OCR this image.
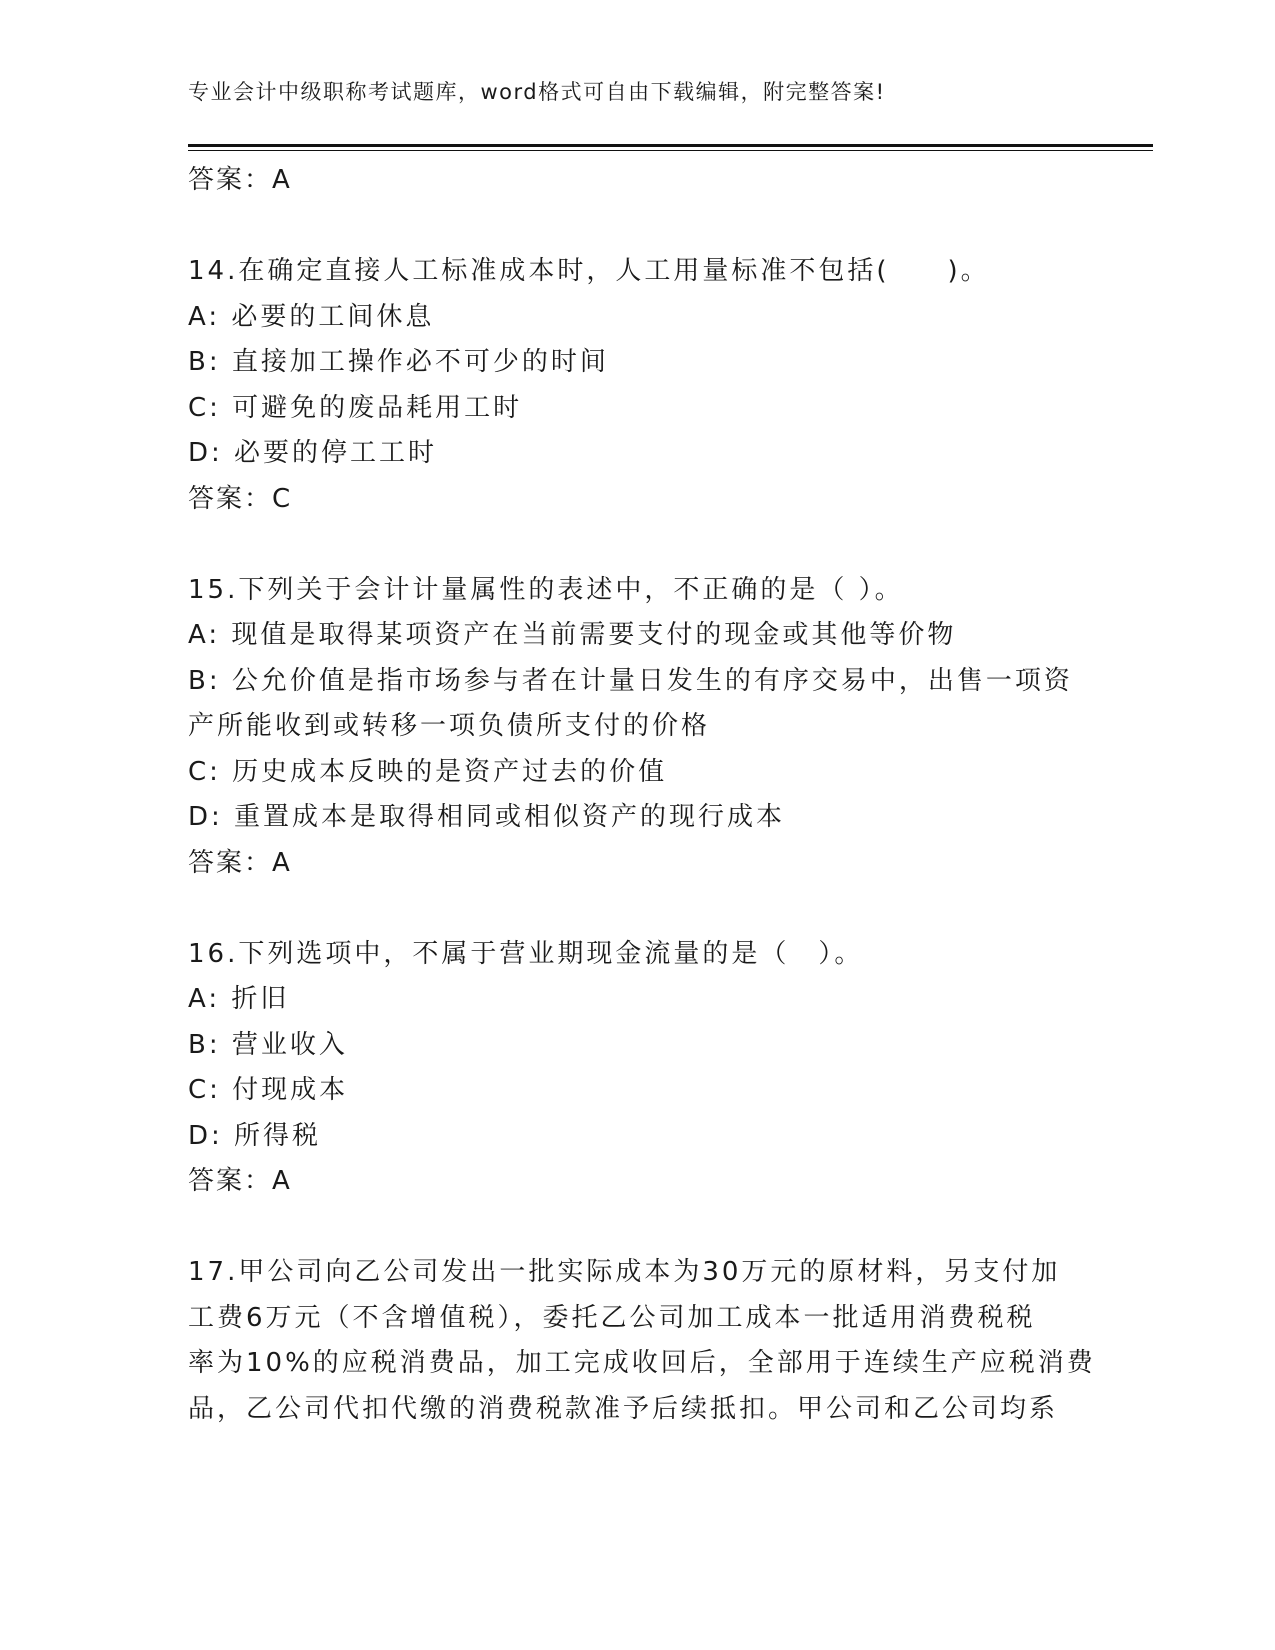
专业会计中级职称考试题库，word格式可自由下载编辑，附完整答案!
答案：A
14.在确定直接人工标准成本时，人工用量标准不包括(　　)。
A: 必要的工间休息
B: 直接加工操作必不可少的时间
C: 可避免的废品耗用工时
D: 必要的停工工时
答案：C
15.下列关于会计计量属性的表述中，不正确的是（ ）。
A: 现值是取得某项资产在当前需要支付的现金或其他等价物
B: 公允价值是指市场参与者在计量日发生的有序交易中，出售一项资
产所能收到或转移一项负债所支付的价格
C: 历史成本反映的是资产过去的价值
D: 重置成本是取得相同或相似资产的现行成本
答案：A
16.下列选项中，不属于营业期现金流量的是（　）。
A: 折旧
B: 营业收入
C: 付现成本
D: 所得税
答案：A
17.甲公司向乙公司发出一批实际成本为30万元的原材料，另支付加
工费6万元（不含增值税），委托乙公司加工成本一批适用消费税税
率为10%的应税消费品，加工完成收回后，全部用于连续生产应税消费
品，乙公司代扣代缴的消费税款准予后续抵扣。甲公司和乙公司均系
